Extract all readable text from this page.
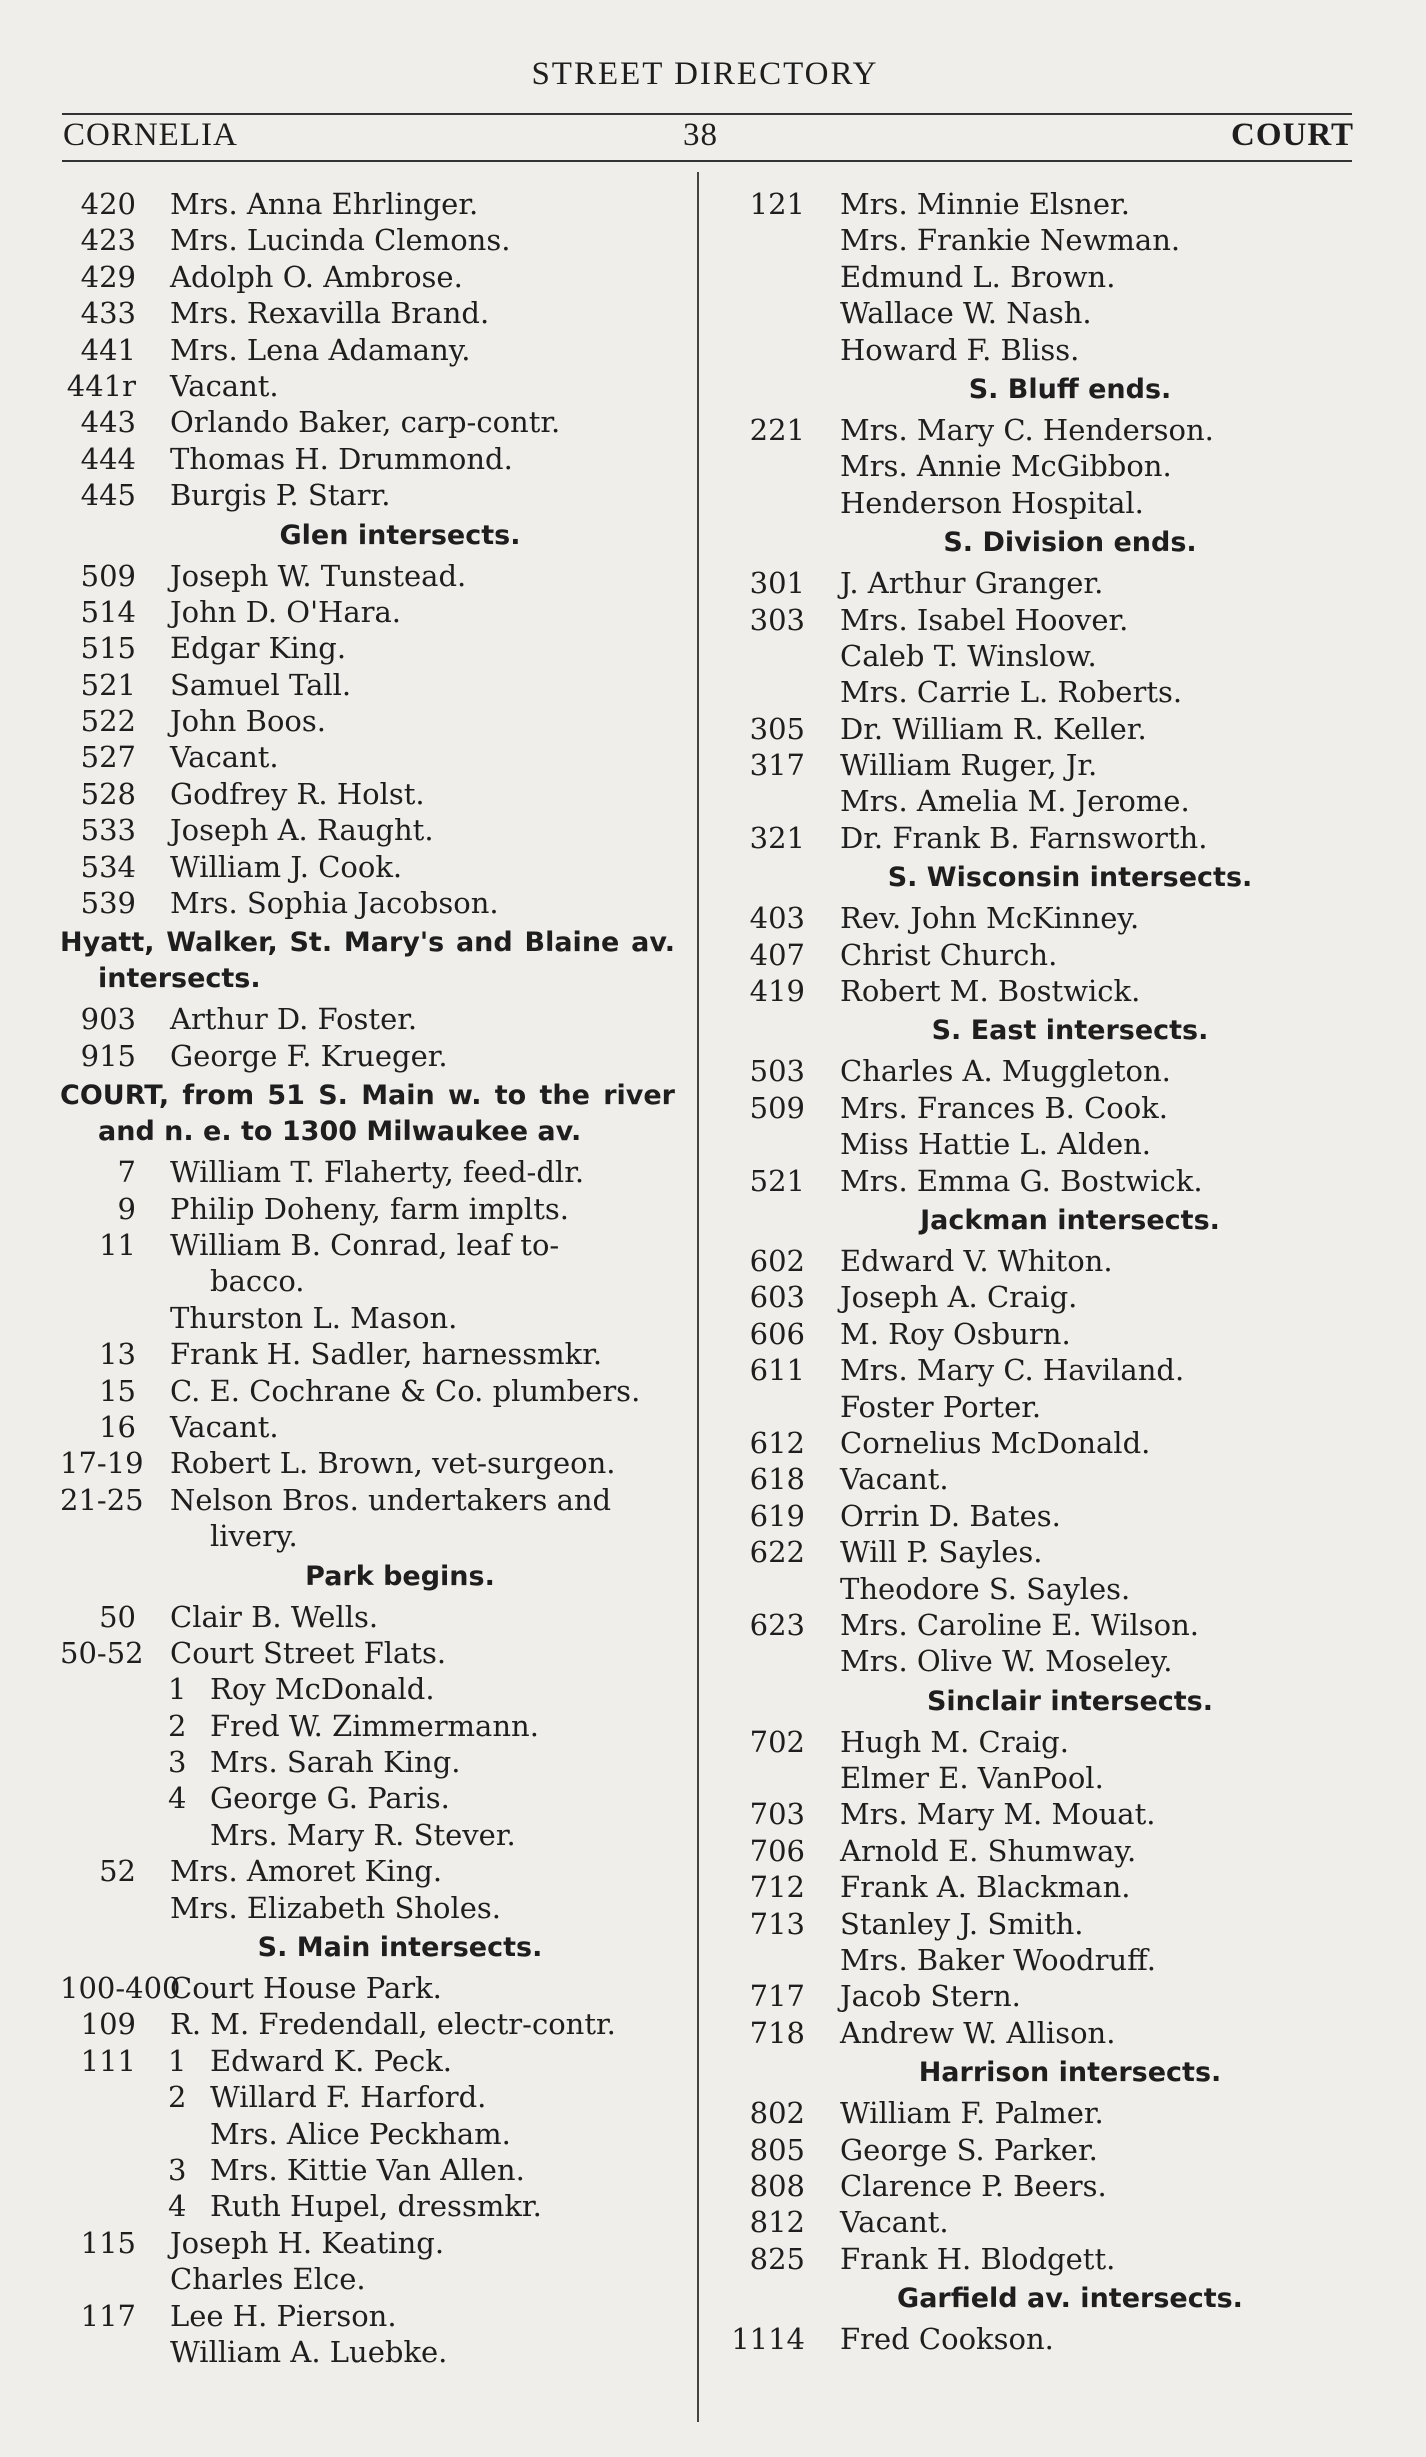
STREET DIRECTORY
CORNELIA	38	COURT
420 Mrs. Anna Ehrlinger.
423 Mrs. Lucinda Clemons.
429 Adolph O. Ambrose.
433 Mrs. Rexavilla Brand.
441 Mrs. Lena Adamany.
441r Vacant.
443 Orlando Baker, carp-contr.
444 Thomas H. Drummond.
445 Burgis P. Starr.
Glen intersects.
509 Joseph W. Tunstead.
514 John D. O'Hara.
515 Edgar King.
521 Samuel Tall.
522 John Boos.
527 Vacant.
528 Godfrey R. Holst.
533 Joseph A. Raught.
534 William J. Cook.
539 Mrs. Sophia Jacobson.
Hyatt, Walker, St. Mary's and Blaine av. intersects.
903 Arthur D. Foster.
915 George F. Krueger.
COURT, from 51 S. Main w. to the river and n. e. to 1300 Milwaukee av.
7 William T. Flaherty, feed-dlr.
9 Philip Doheny, farm implts.
11 William B. Conrad, leaf to-
bacco.
Thurston L. Mason.
13 Frank H. Sadler, harnessmkr.
15 C. E. Cochrane & Co. plumbers.
16 Vacant.
17-19 Robert L. Brown, vet-surgeon.
21-25 Nelson Bros. undertakers and
livery.
Park begins.
50 Clair B. Wells.
50-52 Court Street Flats.
1 Roy McDonald.
2 Fred W. Zimmermann.
3 Mrs. Sarah King.
4 George G. Paris.
Mrs. Mary R. Stever.
52 Mrs. Amoret King.
Mrs. Elizabeth Sholes.
S. Main intersects.
100-400
Court House Park.
109 R. M. Fredendall, electr-contr.
111 1 Edward K. Peck.
2 Willard F. Harford.
Mrs. Alice Peckham.
3 Mrs. Kittie Van Allen.
4 Ruth Hupel, dressmkr.
115 Joseph H. Keating.
Charles Elce.
117 Lee H. Pierson.
William A. Luebke.
121 Mrs. Minnie Elsner.
Mrs. Frankie Newman.
Edmund L. Brown.
Wallace W. Nash.
Howard F. Bliss.
S. Bluff ends.
221 Mrs. Mary C. Henderson.
Mrs. Annie McGibbon.
Henderson Hospital.
S. Division ends.
301 J. Arthur Granger.
303 Mrs. Isabel Hoover.
Caleb T. Winslow.
Mrs. Carrie L. Roberts.
305 Dr. William R. Keller.
317 William Ruger, Jr.
Mrs. Amelia M. Jerome.
321 Dr. Frank B. Farnsworth.
S. Wisconsin intersects.
403 Rev. John McKinney.
407 Christ Church.
419 Robert M. Bostwick.
S. East intersects.
503 Charles A. Muggleton.
509 Mrs. Frances B. Cook.
Miss Hattie L. Alden.
521 Mrs. Emma G. Bostwick.
Jackman intersects.
602 Edward V. Whiton.
603 Joseph A. Craig.
606 M. Roy Osburn.
611 Mrs. Mary C. Haviland.
Foster Porter.
612 Cornelius McDonald.
618 Vacant.
619 Orrin D. Bates.
622 Will P. Sayles.
Theodore S. Sayles.
623 Mrs. Caroline E. Wilson.
Mrs. Olive W. Moseley.
Sinclair intersects.
702 Hugh M. Craig.
Elmer E. VanPool.
703 Mrs. Mary M. Mouat.
706 Arnold E. Shumway.
712 Frank A. Blackman.
713 Stanley J. Smith.
Mrs. Baker Woodruff.
717 Jacob Stern.
718 Andrew W. Allison.
Harrison intersects.
802 William F. Palmer.
805 George S. Parker.
808 Clarence P. Beers.
812 Vacant.
825 Frank H. Blodgett.
Garfield av. intersects.
1114 Fred Cookson.
